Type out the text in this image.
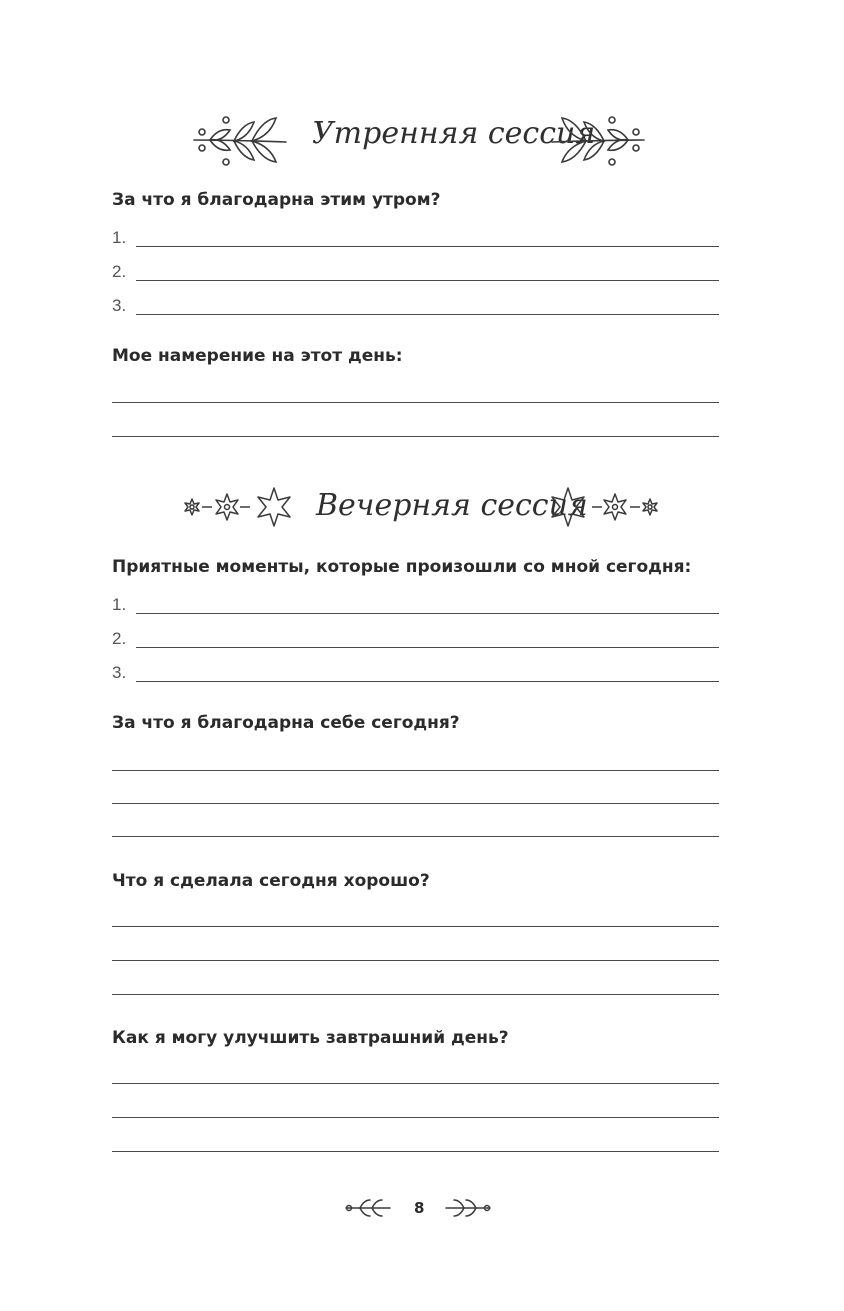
Утренняя сессия
За что я благодарна этим утром?
1.
2.
3.
Мое намерение на этот день:
Вечерняя сессия
Приятные моменты, которые произошли со мной сегодня:
1.
2.
3.
За что я благодарна себе сегодня?
Что я сделала сегодня хорошо?
Как я могу улучшить завтрашний день?
8
